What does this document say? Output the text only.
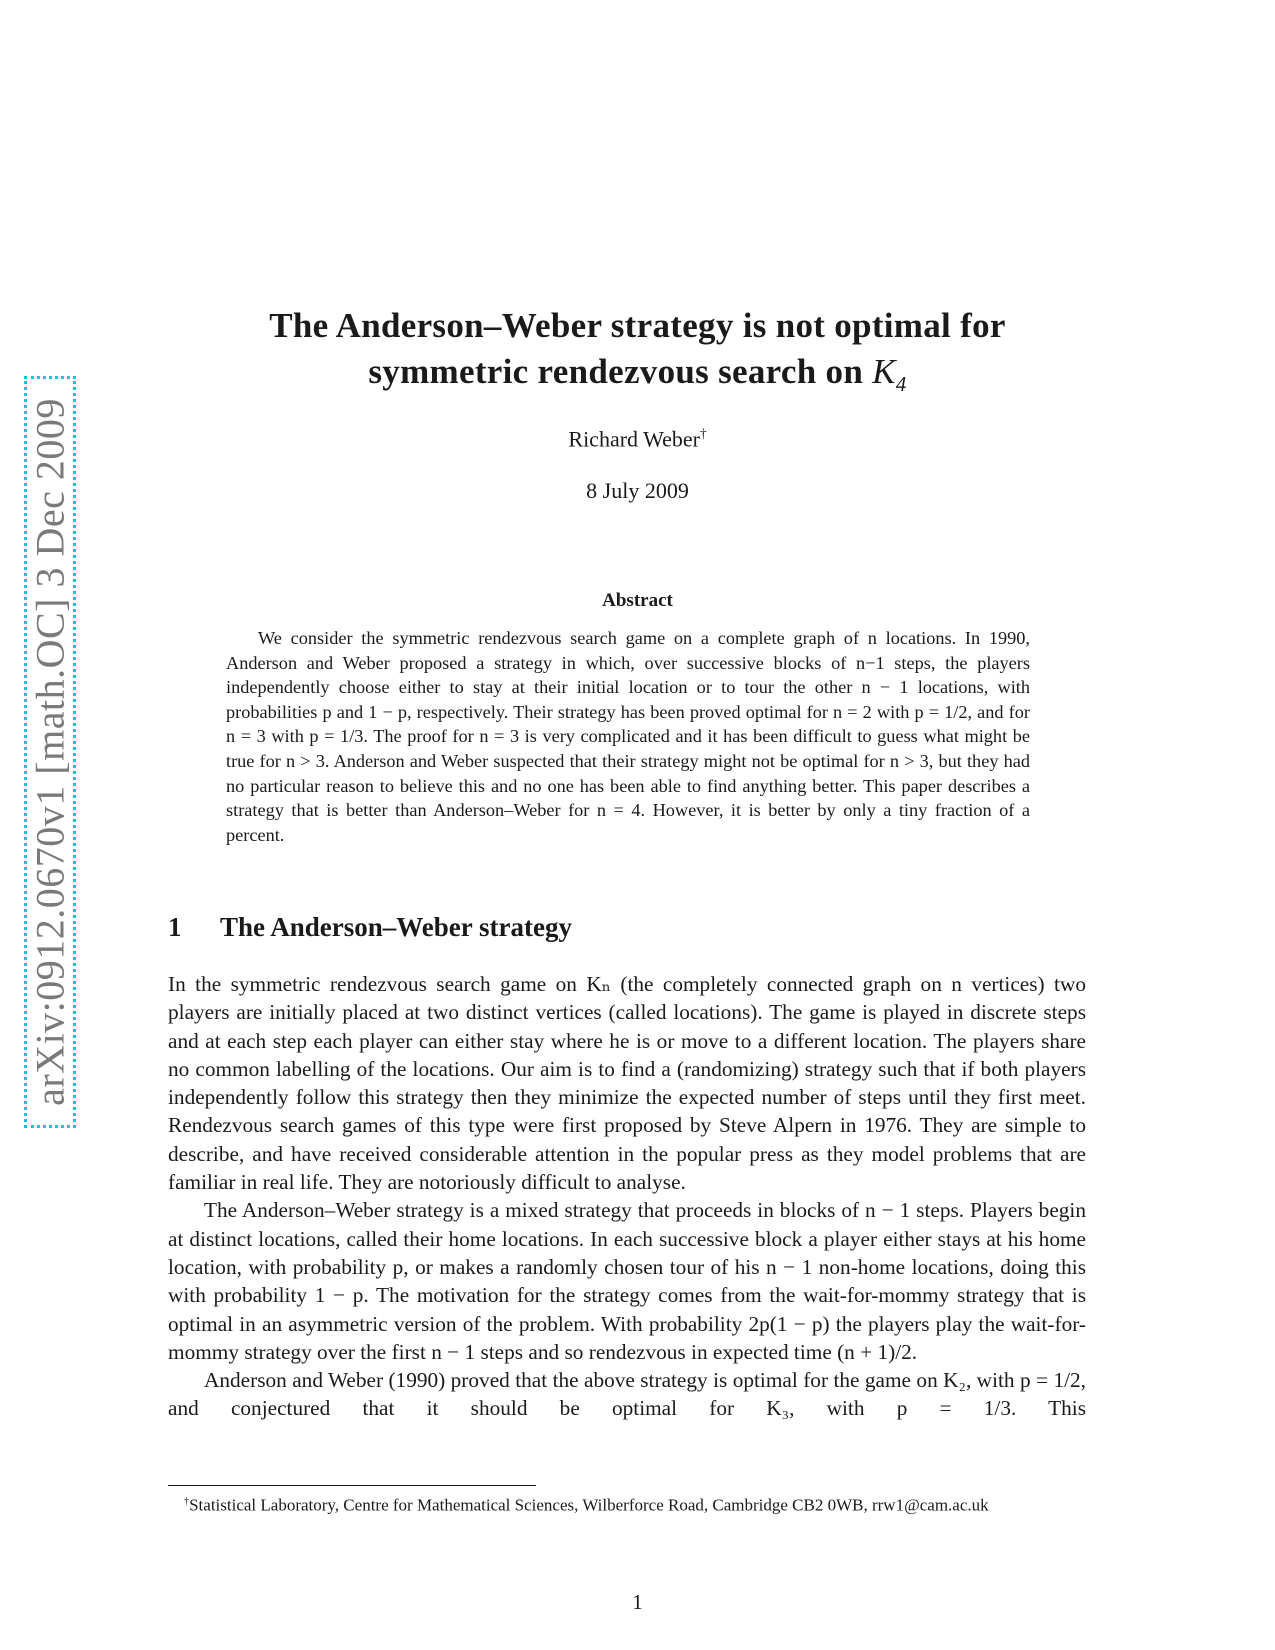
arXiv:0912.0670v1 [math.OC] 3 Dec 2009
The Anderson–Weber strategy is not optimal for
symmetric rendezvous search on $K_4$
Richard Weber†
8 July 2009
Abstract

We consider the symmetric rendezvous search game on a complete graph of n locations. In 1990, Anderson and Weber proposed a strategy in which, over successive blocks of n−1 steps, the players independently choose either to stay at their initial location or to tour the other n − 1 locations, with probabilities p and 1 − p, respectively. Their strategy has been proved optimal for n = 2 with p = 1/2, and for n = 3 with p = 1/3. The proof for n = 3 is very complicated and it has been difficult to guess what might be true for n > 3. Anderson and Weber suspected that their strategy might not be optimal for n > 3, but they had no particular reason to believe this and no one has been able to find anything better. This paper describes a strategy that is better than Anderson–Weber for n = 4. However, it is better by only a tiny fraction of a percent.

1 The Anderson–Weber strategy

In the symmetric rendezvous search game on Kₙ (the completely connected graph on n vertices) two players are initially placed at two distinct vertices (called locations). The game is played in discrete steps and at each step each player can either stay where he is or move to a different location. The players share no common labelling of the locations. Our aim is to find a (randomizing) strategy such that if both players independently follow this strategy then they minimize the expected number of steps until they first meet. Rendezvous search games of this type were first proposed by Steve Alpern in 1976. They are simple to describe, and have received considerable attention in the popular press as they model problems that are familiar in real life. They are notoriously difficult to analyse.

The Anderson–Weber strategy is a mixed strategy that proceeds in blocks of n − 1 steps. Players begin at distinct locations, called their home locations. In each successive block a player either stays at his home location, with probability p, or makes a randomly chosen tour of his n − 1 non-home locations, doing this with probability 1 − p. The motivation for the strategy comes from the wait-for-mommy strategy that is optimal in an asymmetric version of the problem. With probability 2p(1 − p) the players play the wait-for-mommy strategy over the first n − 1 steps and so rendezvous in expected time (n + 1)/2.

Anderson and Weber (1990) proved that the above strategy is optimal for the game on K₂, with p = 1/2, and conjectured that it should be optimal for K₃, with p = 1/3. This

†Statistical Laboratory, Centre for Mathematical Sciences, Wilberforce Road, Cambridge CB2 0WB, rrw1@cam.ac.uk
1
